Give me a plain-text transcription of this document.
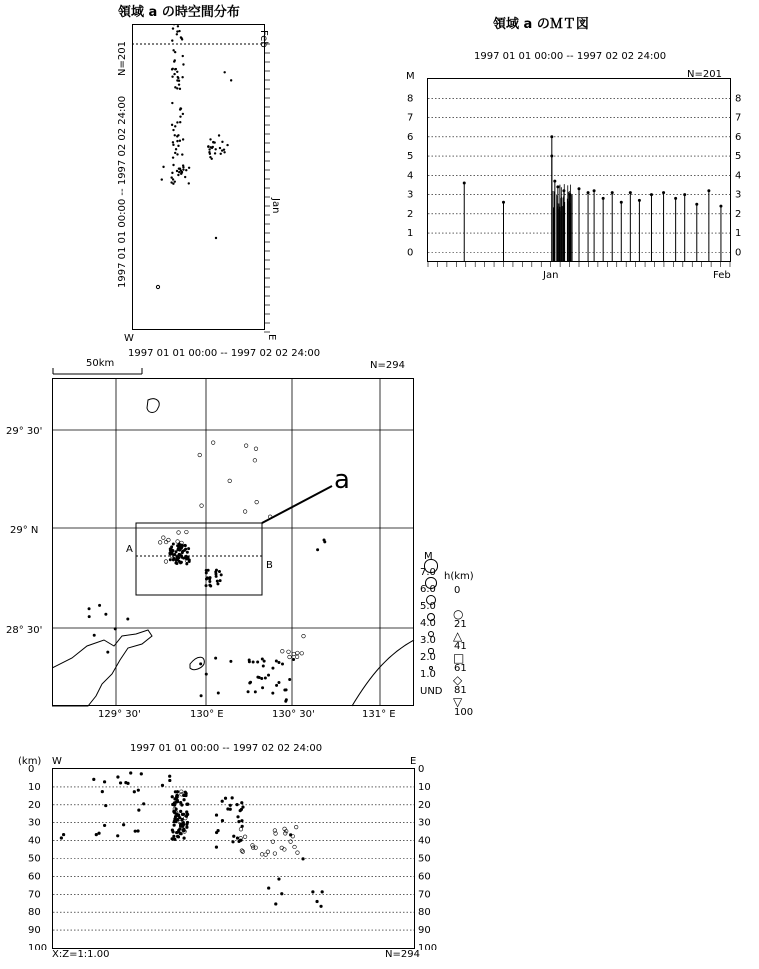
領域 a の時空間分布
Feb
N=201
1997 01 01 00:00 -- 1997 02 02 24:00	Jan
W	E
領域 a のＭＴ図
1997 01 01 00:00 -- 1997 02 02 24:00
M
0	0
1	1
2	2
3	3
4	4
5	5
6	6
7	7
8	8
N=201
Jan	Feb
1997 01 01 00:00 -- 1997 02 02 24:00
N=294
50km
29° 30'
29° N
28° 30'
129° 30'	130° E	130° 30'	131° E
a
A
B
M
7.0
6.0
5.0
4.0
3.0
2.0
1.0
UND
h(km)
0
○
21
△
41
□
61
◇
81
▽
100
1997 01 01 00:00 -- 1997 02 02 24:00
(km) W	E
X:Z=1:1.00	N=294
0	0
10	10
20	20
30	30
40	40
50	50
60	60
70	70
80	80
90	90
100	100
